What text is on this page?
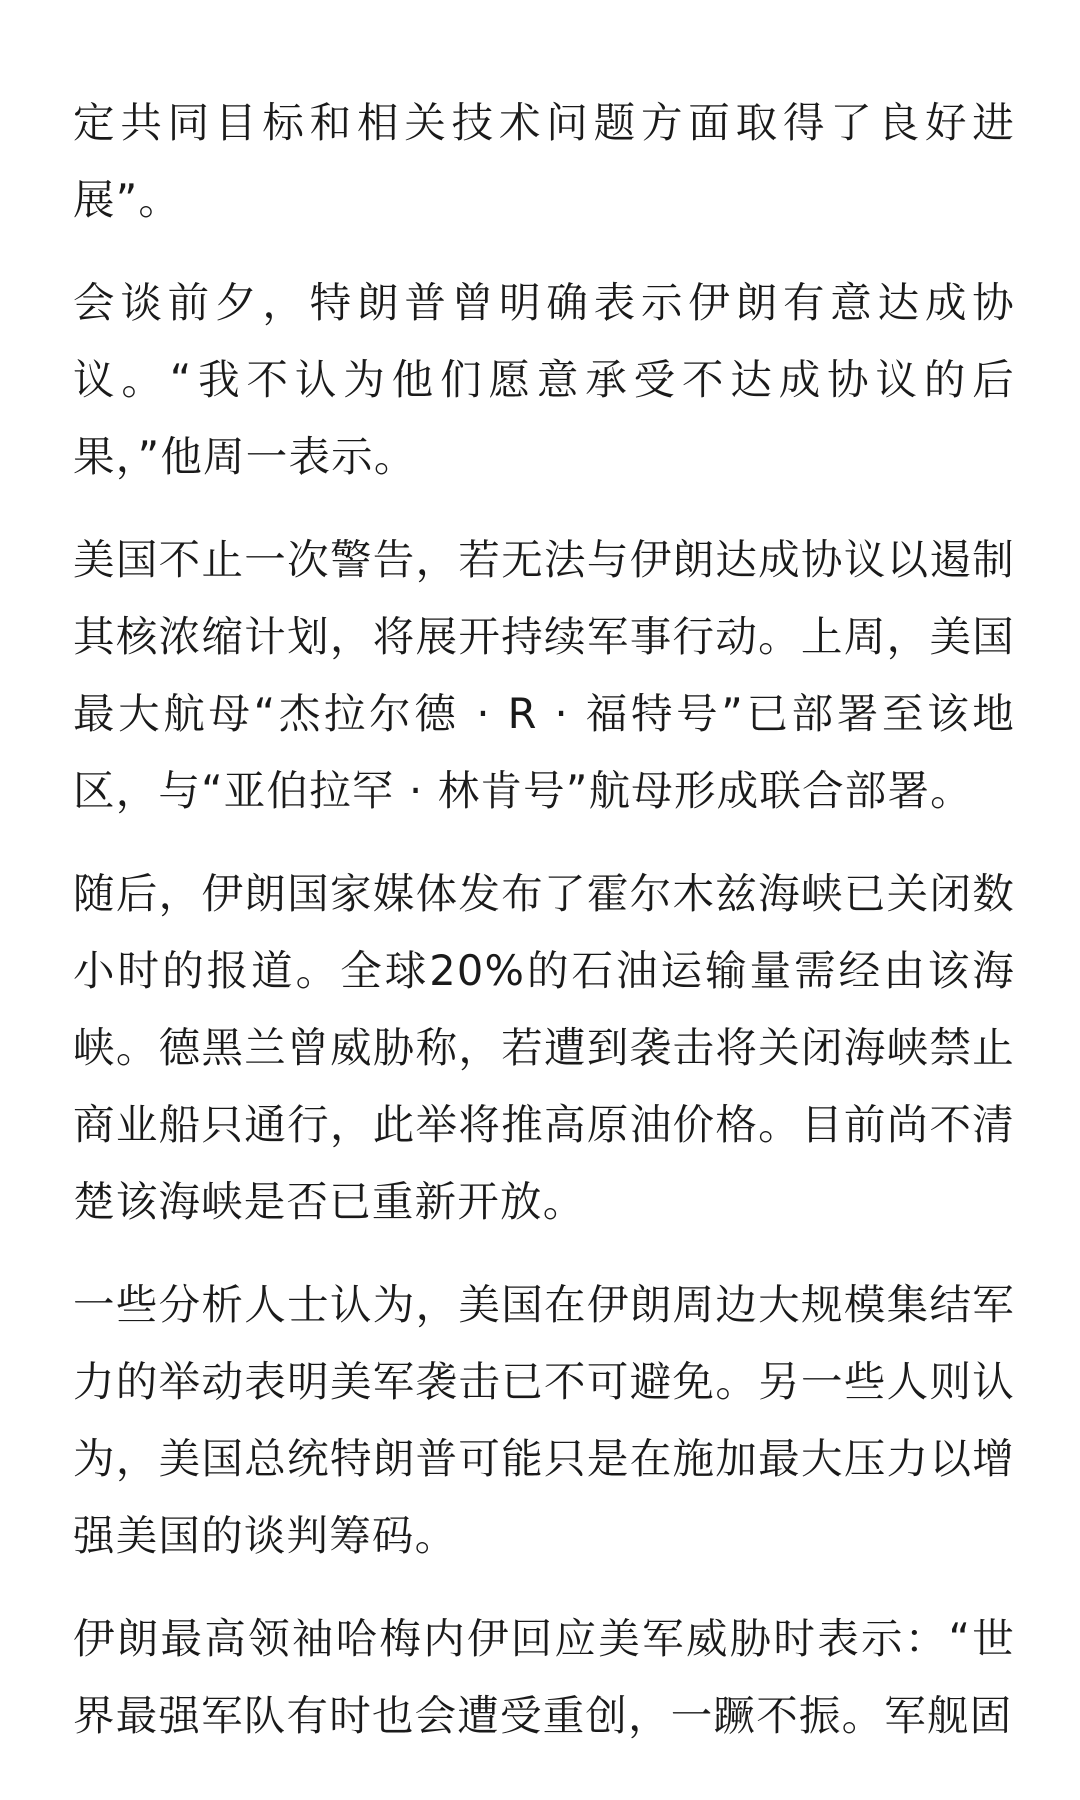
定共同目标和相关技术问题方面取得了良好进展”。

会谈前夕，特朗普曾明确表示伊朗有意达成协议。“我不认为他们愿意承受不达成协议的后果，”他周一表示。

美国不止一次警告，若无法与伊朗达成协议以遏制其核浓缩计划，将展开持续军事行动。上周，美国最大航母“杰拉尔德 · R · 福特号”已部署至该地区，与“亚伯拉罕 · 林肯号”航母形成联合部署。

随后，伊朗国家媒体发布了霍尔木兹海峡已关闭数小时的报道。全球20%的石油运输量需经由该海峡。德黑兰曾威胁称，若遭到袭击将关闭海峡禁止商业船只通行，此举将推高原油价格。目前尚不清楚该海峡是否已重新开放。

一些分析人士认为，美国在伊朗周边大规模集结军力的举动表明美军袭击已不可避免。另一些人则认为，美国总统特朗普可能只是在施加最大压力以增强美国的谈判筹码。

伊朗最高领袖哈梅内伊回应美军威胁时表示：“世界最强军队有时也会遭受重创，一蹶不振。军舰固
